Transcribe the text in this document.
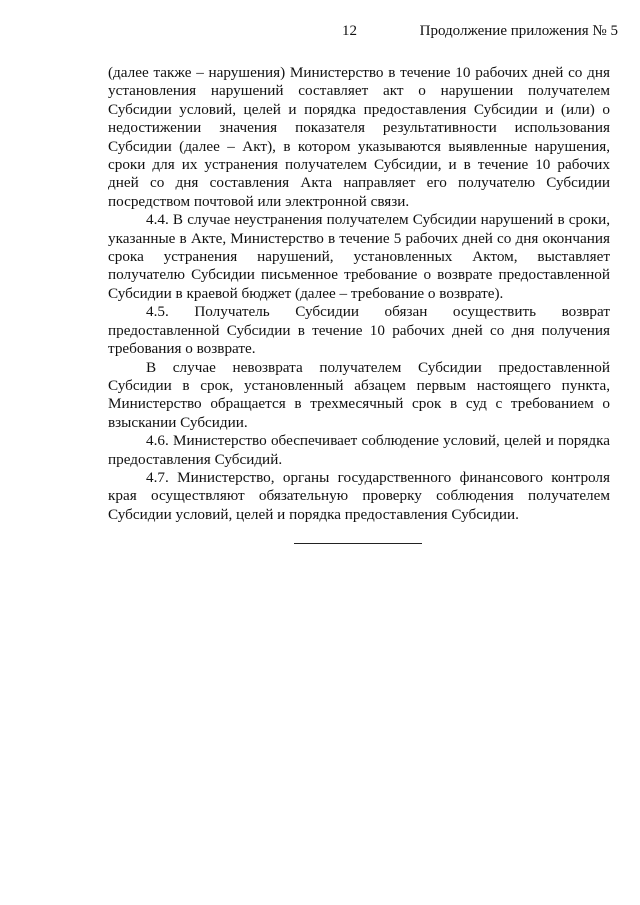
12	Продолжение приложения № 5

(далее также – нарушения) Министерство в течение 10 рабочих дней со дня установления нарушений составляет акт о нарушении получателем Субсидии условий, целей и порядка предоставления Субсидии и (или) о недостижении значения показателя результативности использования Субсидии (далее – Акт), в котором указываются выявленные нарушения, сроки для их устранения получателем Субсидии, и в течение 10 рабочих дней со дня составления Акта направляет его получателю Субсидии посредством почтовой или электронной связи.

4.4. В случае неустранения получателем Субсидии нарушений в сроки, указанные в Акте, Министерство в течение 5 рабочих дней со дня окончания срока устранения нарушений, установленных Актом, выставляет получателю Субсидии письменное требование о возврате предоставленной Субсидии в краевой бюджет (далее – требование о возврате).

4.5. Получатель Субсидии обязан осуществить возврат предоставленной Субсидии в течение 10 рабочих дней со дня получения требования о возврате.

В случае невозврата получателем Субсидии предоставленной Субсидии в срок, установленный абзацем первым настоящего пункта, Министерство обращается в трехмесячный срок в суд с требованием о взыскании Субсидии.

4.6. Министерство обеспечивает соблюдение условий, целей и порядка предоставления Субсидий.

4.7. Министерство, органы государственного финансового контроля края осуществляют обязательную проверку соблюдения получателем Субсидии условий, целей и порядка предоставления Субсидии.
